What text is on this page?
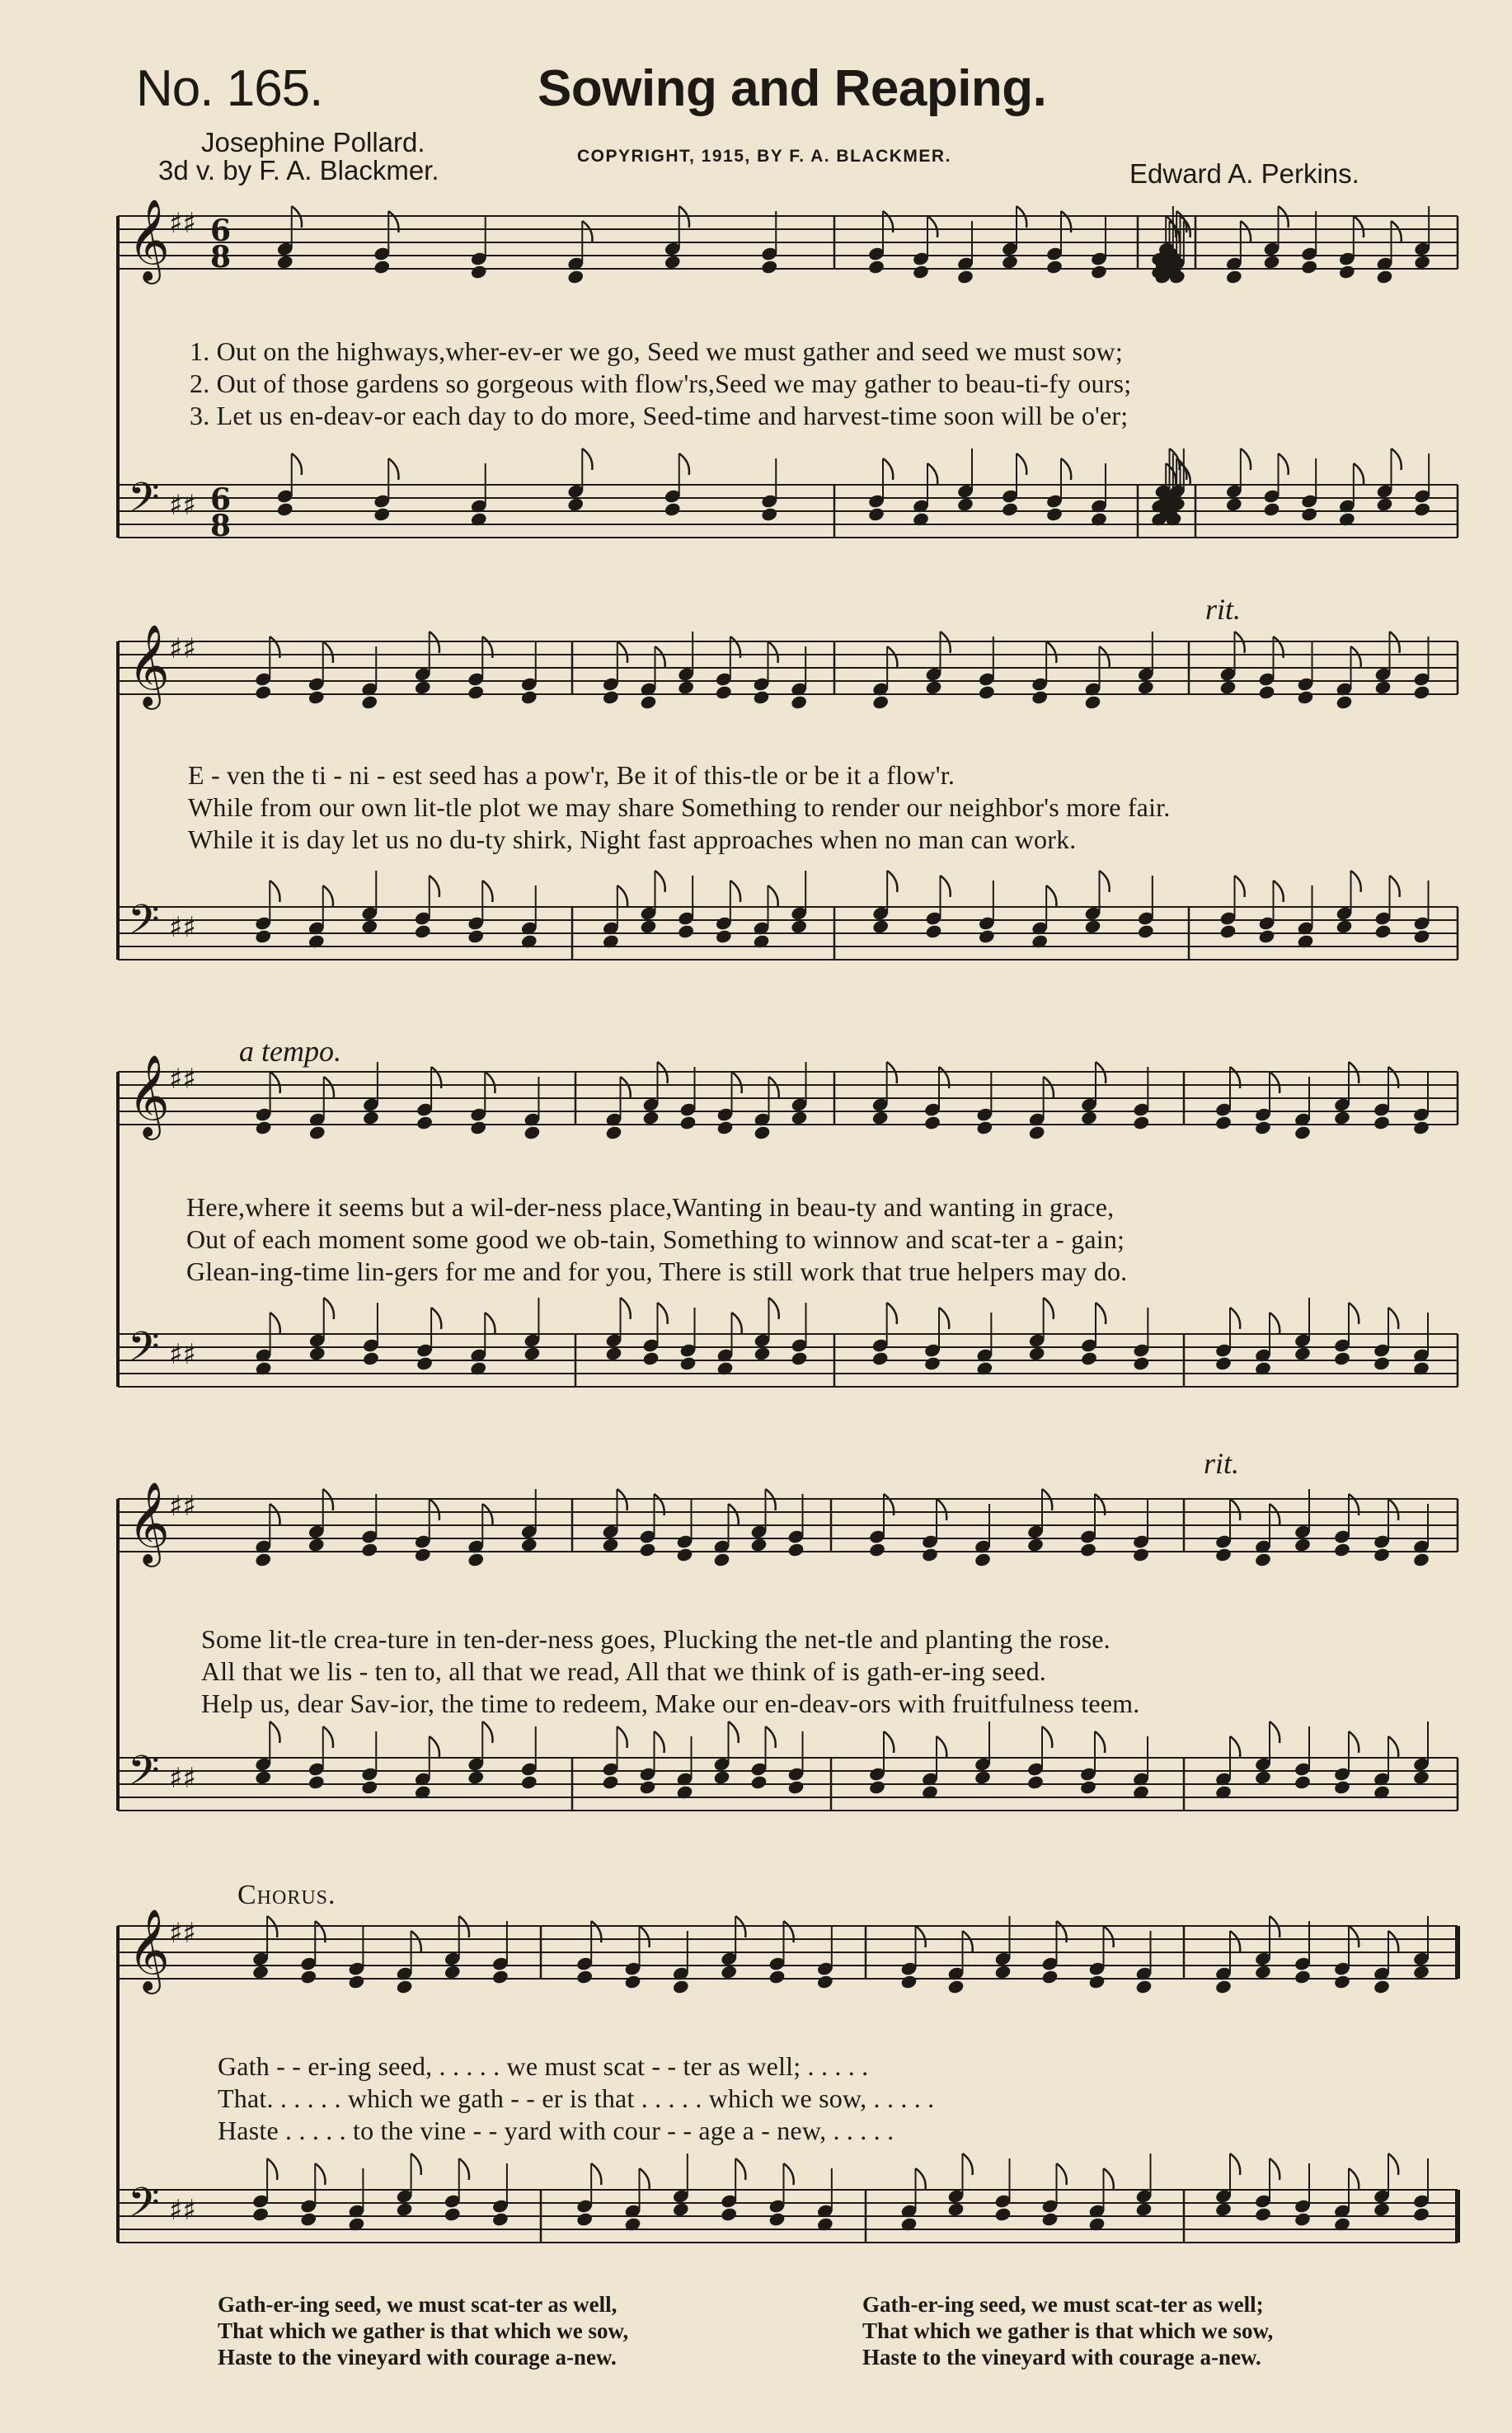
𝄞 ♯♯
𝄢 ♯♯
𝄞 ♯♯
𝄢 ♯♯
𝄞 ♯♯
𝄢 ♯♯
𝄞 ♯♯
𝄢 ♯♯
𝄞 ♯♯
𝄢 ♯♯
6
8
6
8
No. 165.	Sowing and Reaping.
Josephine Pollard.
3d v. by F. A. Blackmer.	COPYRIGHT, 1915, BY F. A. BLACKMER.
Edward A. Perkins.
rit.
a tempo.
rit.
Chorus.
1. Out on the highways,wher-ev-er we go, Seed we must gather and seed we must sow;
2. Out of those gardens so gorgeous with flow'rs,Seed we may gather to beau-ti-fy ours;
3. Let us en-deav-or each day to do more, Seed-time and harvest-time soon will be o'er;
E - ven the ti - ni - est seed has a pow'r, Be it of this-tle or be it a flow'r.
While from our own lit-tle plot we may share Something to render our neighbor's more fair.
While it is day let us no du-ty shirk, Night fast approaches when no man can work.
Here,where it seems but a wil-der-ness place,Wanting in beau-ty and wanting in grace,
Out of each moment some good we ob-tain, Something to winnow and scat-ter a - gain;
Glean-ing-time lin-gers for me and for you, There is still work that true helpers may do.
Some lit-tle crea-ture in ten-der-ness goes, Plucking the net-tle and planting the rose.
All that we lis - ten to, all that we read, All that we think of is gath-er-ing seed.
Help us, dear Sav-ior, the time to redeem, Make our en-deav-ors with fruitfulness teem.
Gath - - er-ing seed, . . . . . we must scat - - ter as well; . . . . .
That. . . . . . which we gath - - er is that . . . . . which we sow, . . . . .
Haste . . . . . to the vine - - yard with cour - - age a - new, . . . . .
Gath-er-ing seed, we must scat-ter as well,
That which we gather is that which we sow,
Haste to the vineyard with courage a-new.
Gath-er-ing seed, we must scat-ter as well;
That which we gather is that which we sow,
Haste to the vineyard with courage a-new.
